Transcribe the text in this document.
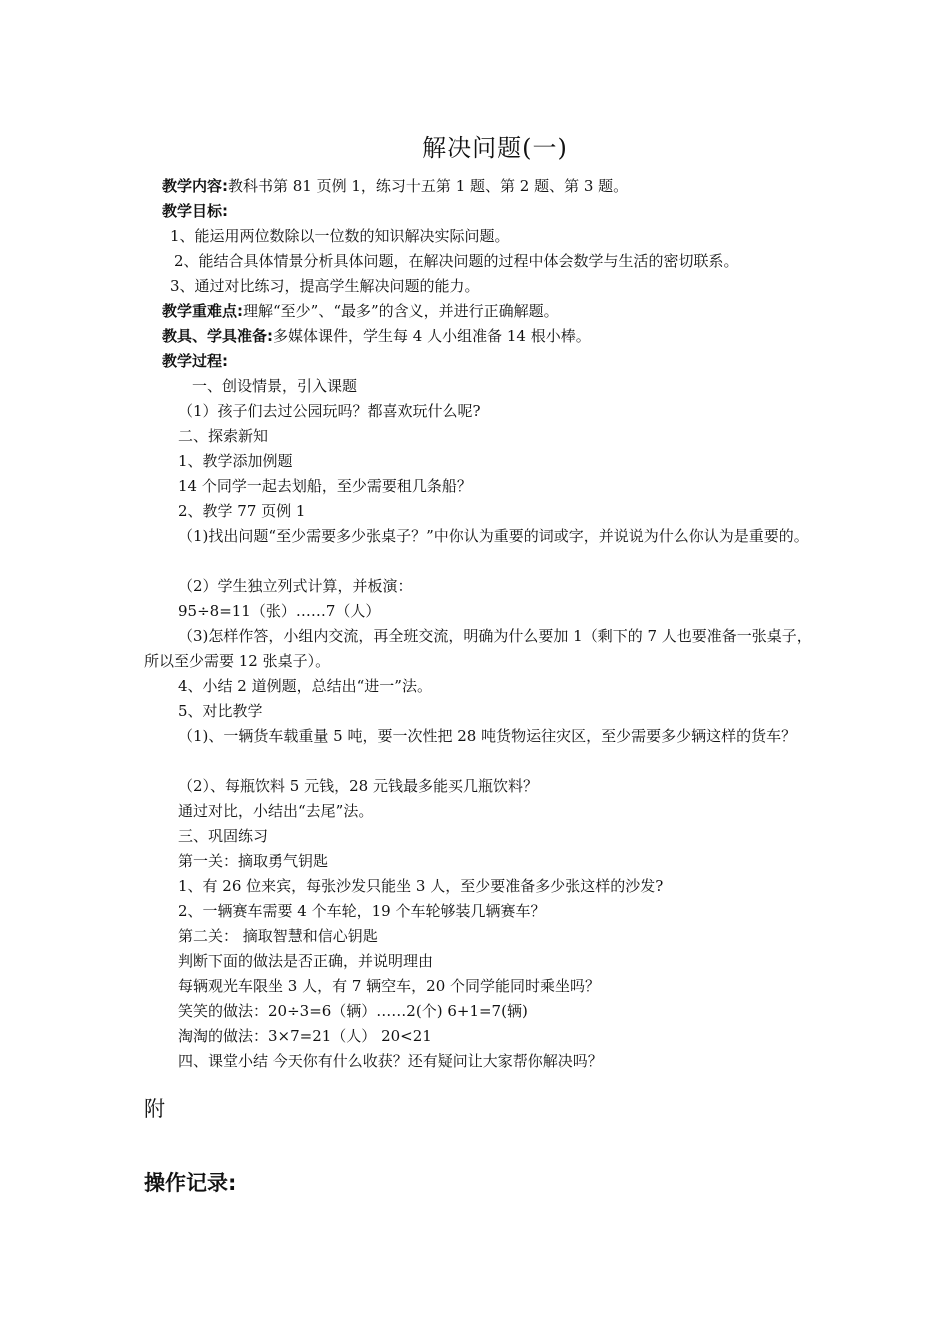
解决问题(一)
教学内容:教科书第 81 页例 1，练习十五第 1 题、第 2 题、第 3 题。
教学目标:
1、能运用两位数除以一位数的知识解决实际问题。
2、能结合具体情景分析具体问题，在解决问题的过程中体会数学与生活的密切联系。
3、通过对比练习，提高学生解决问题的能力。
教学重难点:理解“至少”、“最多”的含义，并进行正确解题。
教具、学具准备:多媒体课件，学生每 4 人小组准备 14 根小棒。
教学过程:
一、创设情景，引入课题
（1）孩子们去过公园玩吗？都喜欢玩什么呢?
二、探索新知
1、教学添加例题
14 个同学一起去划船，至少需要租几条船？
2、教学 77 页例 1
（1)找出问题“至少需要多少张桌子？”中你认为重要的词或字，并说说为什么你认为是重要的。
（2）学生独立列式计算，并板演：
95÷8=11（张）……7（人）
（3)怎样作答，小组内交流，再全班交流，明确为什么要加 1（剩下的 7 人也要准备一张桌子，所以至少需要 12 张桌子）。
4、小结 2 道例题，总结出“进一”法。
5、对比教学
（1)、一辆货车载重量 5 吨，要一次性把 28 吨货物运往灾区，至少需要多少辆这样的货车？
（2）、每瓶饮料 5 元钱，28 元钱最多能买几瓶饮料？
通过对比，小结出“去尾”法。
三、巩固练习
第一关：摘取勇气钥匙
1、有 26 位来宾，每张沙发只能坐 3 人，至少要准备多少张这样的沙发?
2、一辆赛车需要 4 个车轮，19 个车轮够装几辆赛车？
第二关： 摘取智慧和信心钥匙
判断下面的做法是否正确，并说明理由
每辆观光车限坐 3 人，有 7 辆空车，20 个同学能同时乘坐吗？
笑笑的做法：20÷3=6（辆）……2(个) 6+1=7(辆)
淘淘的做法：3×7=21（人） 20<21
四、课堂小结 今天你有什么收获？还有疑问让大家帮你解决吗？
附
操作记录:
